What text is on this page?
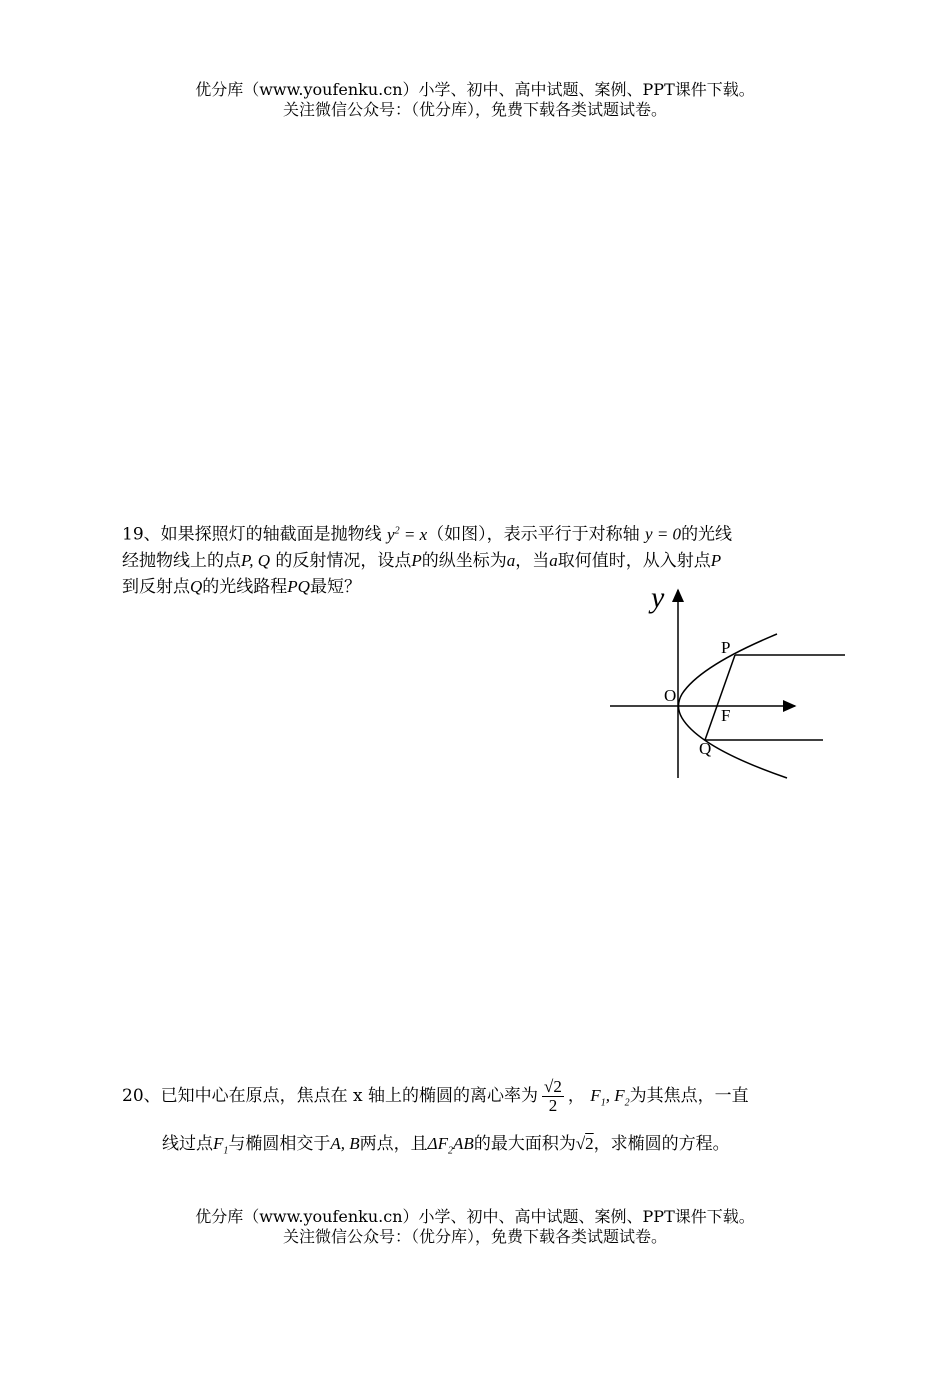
优分库（www.youfenku.cn）小学、初中、高中试题、案例、PPT课件下载。
关注微信公众号：（优分库），免费下载各类试题试卷。
19、如果探照灯的轴截面是抛物线 $y^2 = x$（如图），表示平行于对称轴 y = 0的光线
经抛物线上的点P, Q 的反射情况，设点P的纵坐标为a，当a取何值时，从入射点P
到反射点Q的光线路程PQ最短？	y
P
O
F
Q
20、已知中心在原点，焦点在 x 轴上的椭圆的离心率为 $\frac{√2}{2}$ ， $F_1$, $F_2$为其焦点，一直
线过点$F_1$与椭圆相交于A, B两点，且$\Delta F_2AB$的最大面积为√2，求椭圆的方程。
优分库（www.youfenku.cn）小学、初中、高中试题、案例、PPT课件下载。
关注微信公众号：（优分库），免费下载各类试题试卷。
